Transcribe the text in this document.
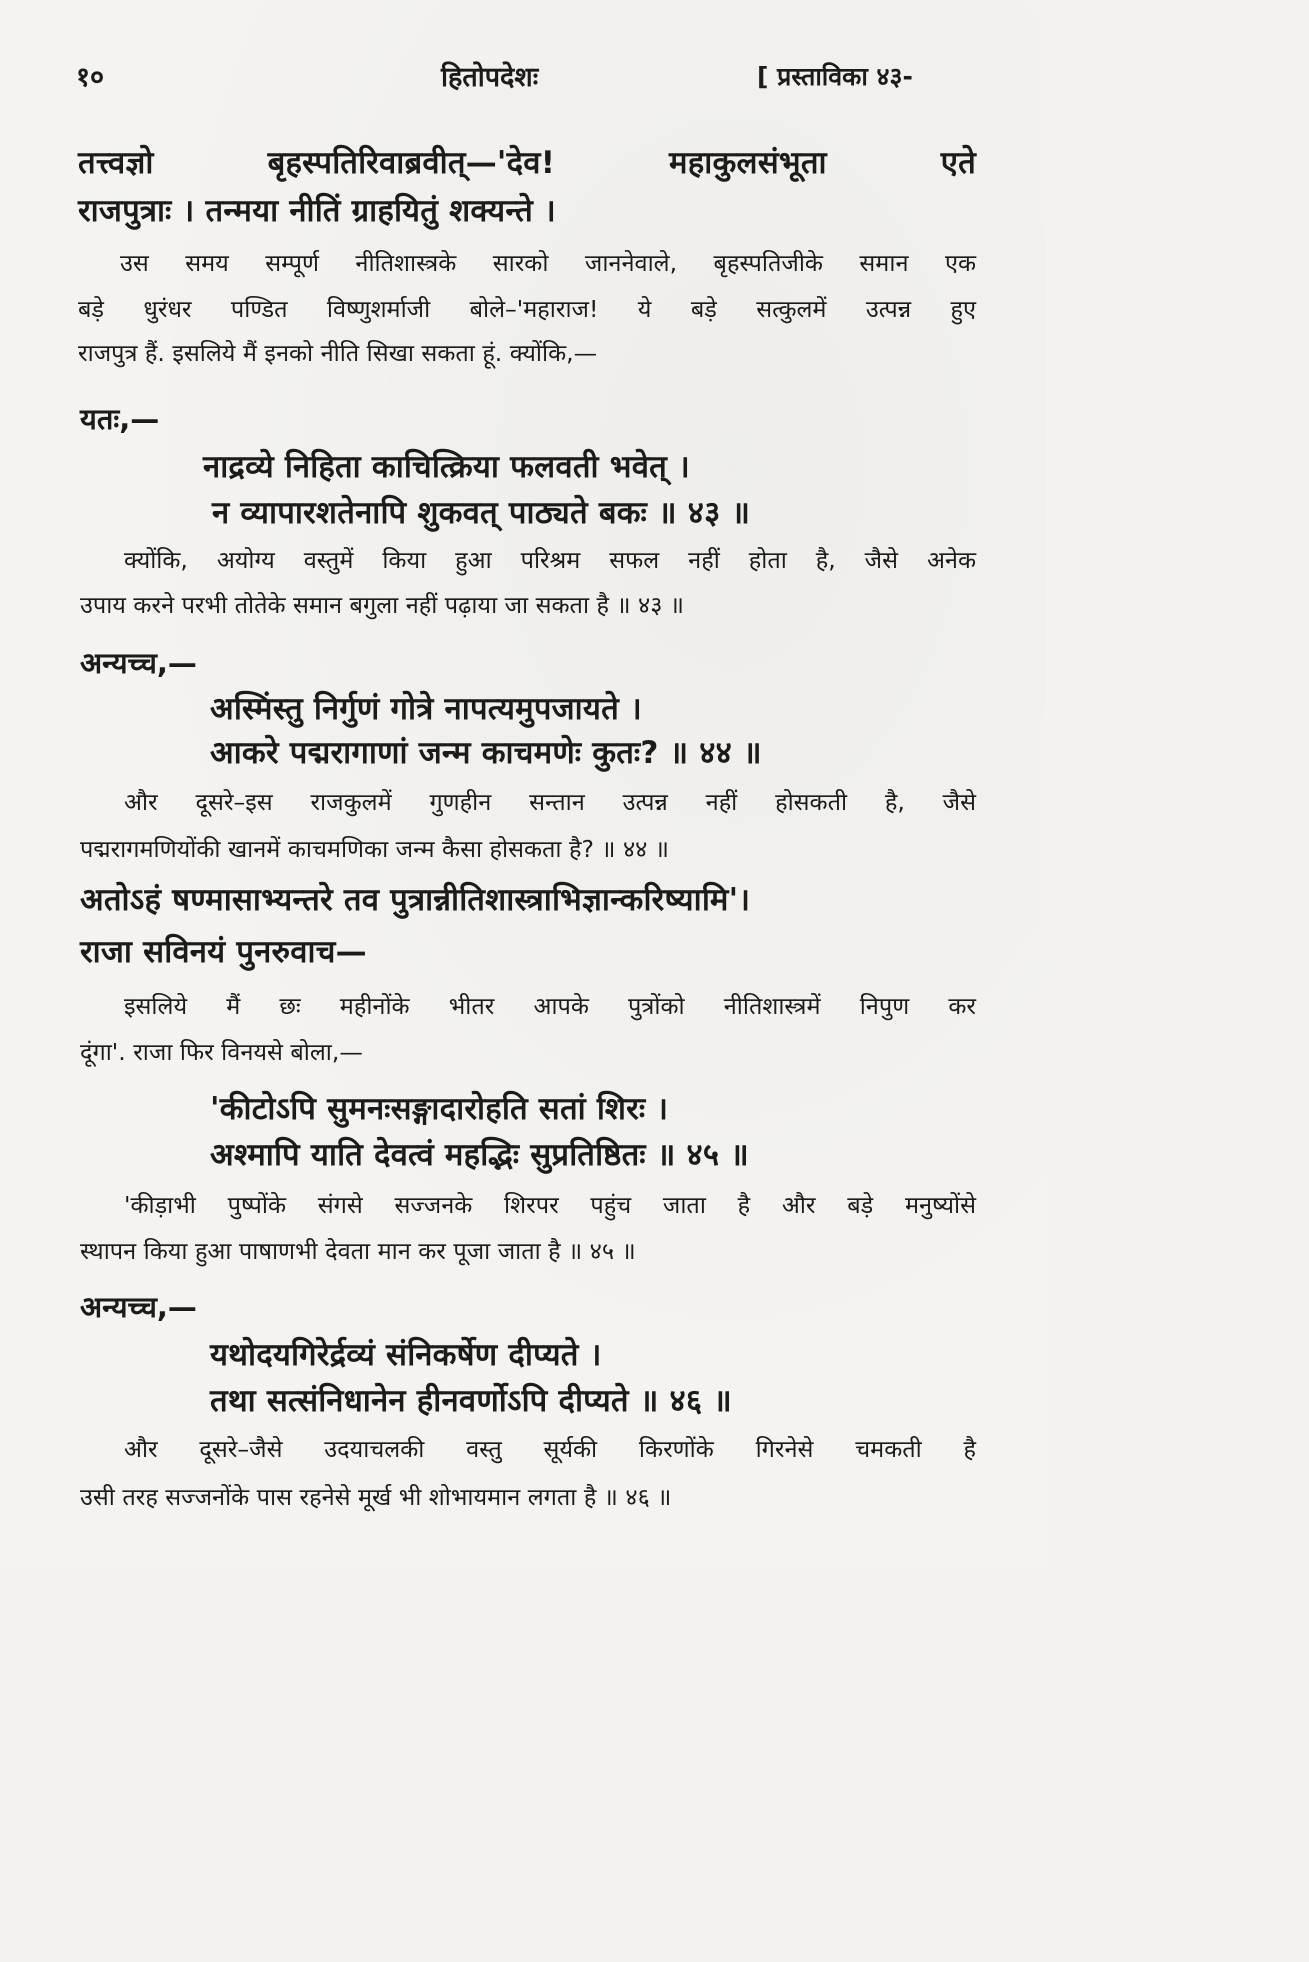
१०	हितोपदेशः	[ प्रस्ताविका ४३-
तत्त्वज्ञो बृहस्पतिरिवाब्रवीत्—'देव! महाकुलसंभूता एते
राजपुत्राः । तन्मया नीतिं ग्राहयितुं शक्यन्ते ।
उस समय सम्पूर्ण नीतिशास्त्रके सारको जाननेवाले, बृहस्पतिजीके समान एक
बड़े धुरंधर पण्डित विष्णुशर्माजी बोले–'महाराज! ये बड़े सत्कुलमें उत्पन्न हुए
राजपुत्र हैं. इसलिये मैं इनको नीति सिखा सकता हूं. क्योंकि,—
यतः,—
नाद्रव्ये निहिता काचित्क्रिया फलवती भवेत् ।
न व्यापारशतेनापि शुकवत् पाठ्यते बकः ॥ ४३ ॥
क्योंकि, अयोग्य वस्तुमें किया हुआ परिश्रम सफल नहीं होता है, जैसे अनेक
उपाय करने परभी तोतेके समान बगुला नहीं पढ़ाया जा सकता है ॥ ४३ ॥
अन्यच्च,—
अस्मिंस्तु निर्गुणं गोत्रे नापत्यमुपजायते ।
आकरे पद्मरागाणां जन्म काचमणेः कुतः? ॥ ४४ ॥
और दूसरे–इस राजकुलमें गुणहीन सन्तान उत्पन्न नहीं होसकती है, जैसे
पद्मरागमणियोंकी खानमें काचमणिका जन्म कैसा होसकता है? ॥ ४४ ॥
अतोऽहं षण्मासाभ्यन्तरे तव पुत्रान्नीतिशास्त्राभिज्ञान्करिष्यामि'।
राजा सविनयं पुनरुवाच—
इसलिये मैं छः महीनोंके भीतर आपके पुत्रोंको नीतिशास्त्रमें निपुण कर
दूंगा'. राजा फिर विनयसे बोला,—
'कीटोऽपि सुमनःसङ्गादारोहति सतां शिरः ।
अश्मापि याति देवत्वं महद्भिः सुप्रतिष्ठितः ॥ ४५ ॥
'कीड़ाभी पुष्पोंके संगसे सज्जनके शिरपर पहुंच जाता है और बड़े मनुष्योंसे
स्थापन किया हुआ पाषाणभी देवता मान कर पूजा जाता है ॥ ४५ ॥
अन्यच्च,—
यथोदयगिरेर्द्रव्यं संनिकर्षेण दीप्यते ।
तथा सत्संनिधानेन हीनवर्णोऽपि दीप्यते ॥ ४६ ॥
और दूसरे–जैसे उदयाचलकी वस्तु सूर्यकी किरणोंके गिरनेसे चमकती है
उसी तरह सज्जनोंके पास रहनेसे मूर्ख भी शोभायमान लगता है ॥ ४६ ॥
